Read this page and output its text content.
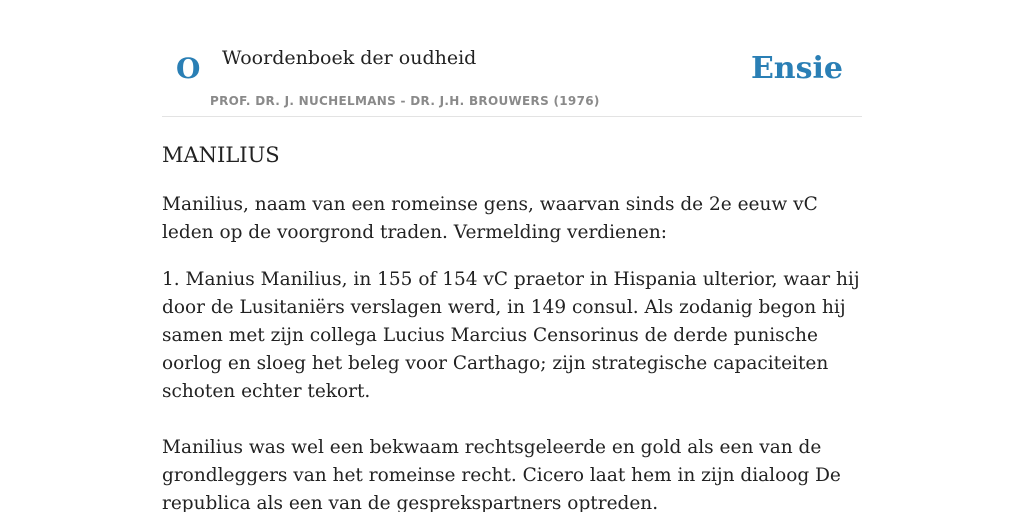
O Woordenboek der oudheid
PROF. DR. J. NUCHELMANS - DR. J.H. BROUWERS (1976)
Ensie
MANILIUS

Manilius, naam van een romeinse gens, waarvan sinds de 2e eeuw vC leden op de voorgrond traden. Vermelding verdienen:

1. Manius Manilius, in 155 of 154 vC praetor in Hispania ulterior, waar hij door de Lusitaniërs verslagen werd, in 149 consul. Als zodanig begon hij samen met zijn collega Lucius Marcius Censorinus de derde punische oorlog en sloeg het beleg voor Carthago; zijn strategische capaciteiten schoten echter tekort.

Manilius was wel een bekwaam rechtsgeleerde en gold als een van de grondleggers van het romeinse recht. Cicero laat hem in zijn dialoog De republica als een van de gesprekspartners optreden.
